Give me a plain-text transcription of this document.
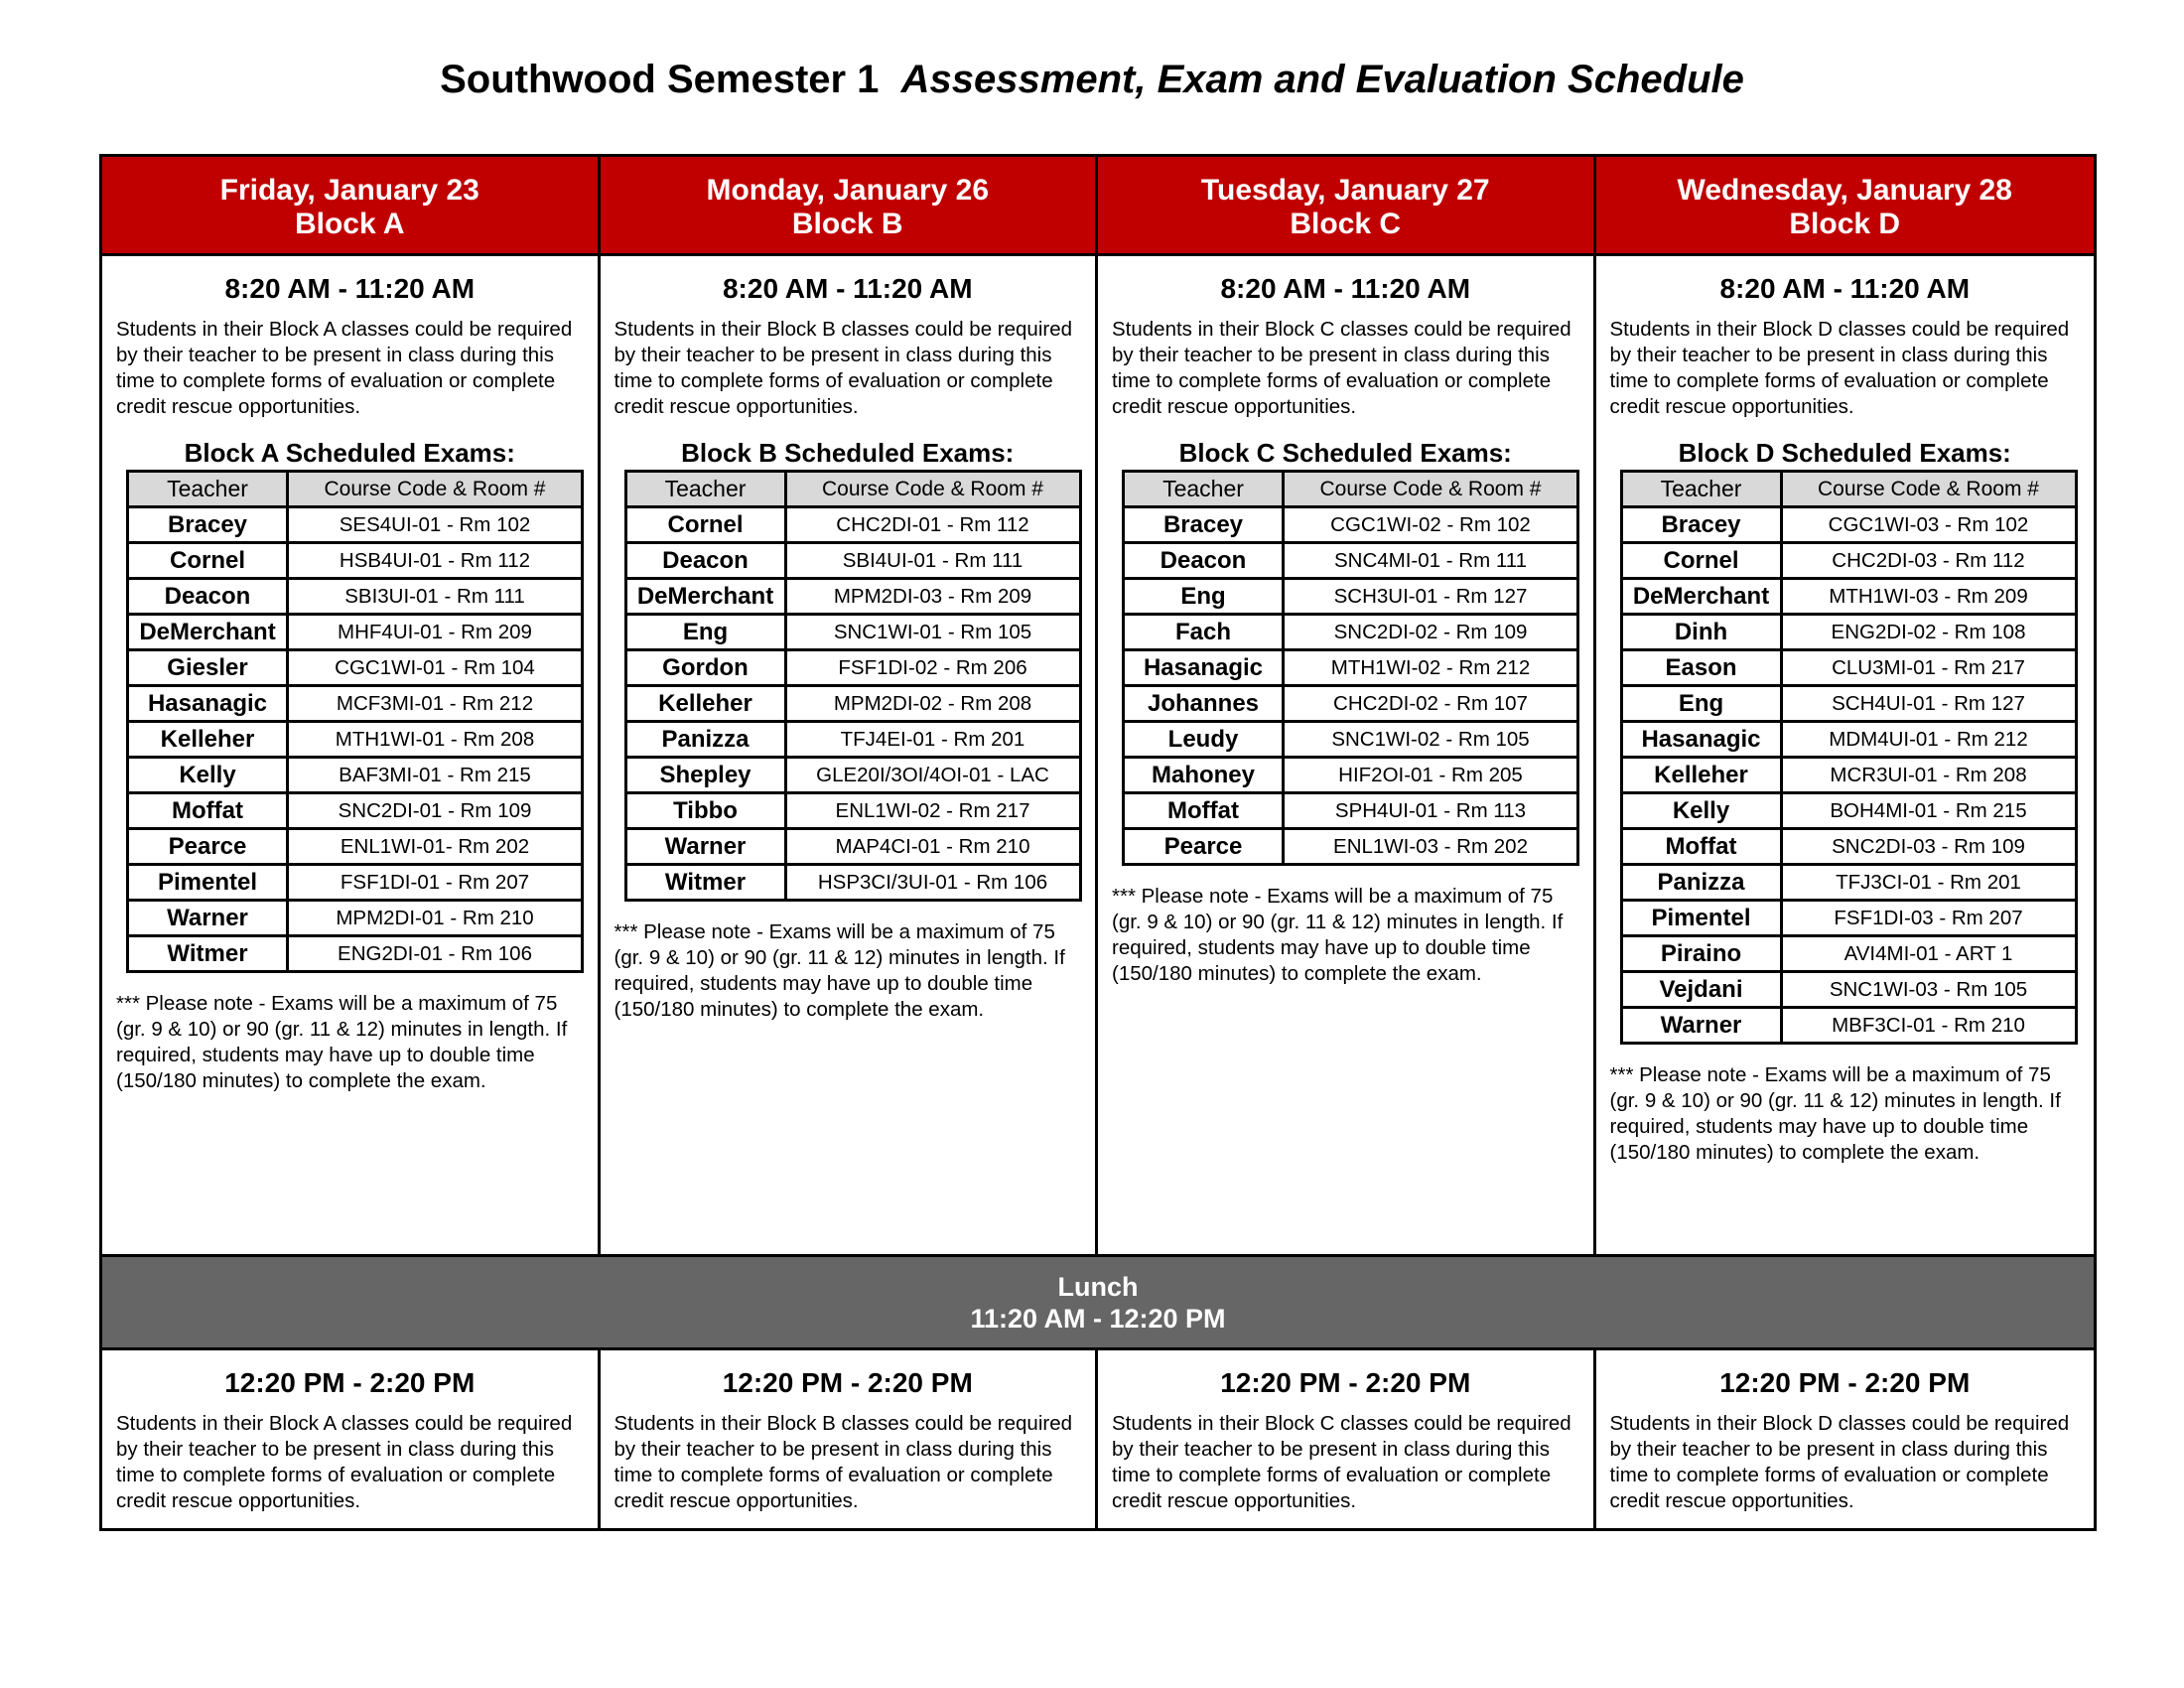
Southwood Semester 1 Assessment, Exam and Evaluation Schedule
Friday, January 23
Block A
Monday, January 26
Block B
Tuesday, January 27
Block C
Wednesday, January 28
Block D
8:20 AM - 11:20 AM
Students in their Block A classes could be required by their teacher to be present in class during this time to complete forms of evaluation or complete credit rescue opportunities.
Block A Scheduled Exams:
Teacher	Course Code & Room #
Bracey	SES4UI-01 - Rm 102
Cornel	HSB4UI-01 - Rm 112
Deacon	SBI3UI-01 - Rm 111
DeMerchant	MHF4UI-01 - Rm 209
Giesler	CGC1WI-01 - Rm 104
Hasanagic	MCF3MI-01 - Rm 212
Kelleher	MTH1WI-01 - Rm 208
Kelly	BAF3MI-01 - Rm 215
Moffat	SNC2DI-01 - Rm 109
Pearce	ENL1WI-01- Rm 202
Pimentel	FSF1DI-01 - Rm 207
Warner	MPM2DI-01 - Rm 210
Witmer	ENG2DI-01 - Rm 106
*** Please note - Exams will be a maximum of 75 (gr. 9 & 10) or 90 (gr. 11 & 12) minutes in length. If required, students may have up to double time (150/180 minutes) to complete the exam.
8:20 AM - 11:20 AM
Students in their Block B classes could be required by their teacher to be present in class during this time to complete forms of evaluation or complete credit rescue opportunities.
Block B Scheduled Exams:
Teacher	Course Code & Room #
Cornel	CHC2DI-01 - Rm 112
Deacon	SBI4UI-01 - Rm 111
DeMerchant	MPM2DI-03 - Rm 209
Eng	SNC1WI-01 - Rm 105
Gordon	FSF1DI-02 - Rm 206
Kelleher	MPM2DI-02 - Rm 208
Panizza	TFJ4EI-01 - Rm 201
Shepley	GLE20I/3OI/4OI-01 - LAC
Tibbo	ENL1WI-02 - Rm 217
Warner	MAP4CI-01 - Rm 210
Witmer	HSP3CI/3UI-01 - Rm 106
*** Please note - Exams will be a maximum of 75 (gr. 9 & 10) or 90 (gr. 11 & 12) minutes in length. If required, students may have up to double time (150/180 minutes) to complete the exam.
8:20 AM - 11:20 AM
Students in their Block C classes could be required by their teacher to be present in class during this time to complete forms of evaluation or complete credit rescue opportunities.
Block C Scheduled Exams:
Teacher	Course Code & Room #
Bracey	CGC1WI-02 - Rm 102
Deacon	SNC4MI-01 - Rm 111
Eng	SCH3UI-01 - Rm 127
Fach	SNC2DI-02 - Rm 109
Hasanagic	MTH1WI-02 - Rm 212
Johannes	CHC2DI-02 - Rm 107
Leudy	SNC1WI-02 - Rm 105
Mahoney	HIF2OI-01 - Rm 205
Moffat	SPH4UI-01 - Rm 113
Pearce	ENL1WI-03 - Rm 202
*** Please note - Exams will be a maximum of 75 (gr. 9 & 10) or 90 (gr. 11 & 12) minutes in length. If required, students may have up to double time (150/180 minutes) to complete the exam.
8:20 AM - 11:20 AM
Students in their Block D classes could be required by their teacher to be present in class during this time to complete forms of evaluation or complete credit rescue opportunities.
Block D Scheduled Exams:
Teacher	Course Code & Room #
Bracey	CGC1WI-03 - Rm 102
Cornel	CHC2DI-03 - Rm 112
DeMerchant	MTH1WI-03 - Rm 209
Dinh	ENG2DI-02 - Rm 108
Eason	CLU3MI-01 - Rm 217
Eng	SCH4UI-01 - Rm 127
Hasanagic	MDM4UI-01 - Rm 212
Kelleher	MCR3UI-01 - Rm 208
Kelly	BOH4MI-01 - Rm 215
Moffat	SNC2DI-03 - Rm 109
Panizza	TFJ3CI-01 - Rm 201
Pimentel	FSF1DI-03 - Rm 207
Piraino	AVI4MI-01 - ART 1
Vejdani	SNC1WI-03 - Rm 105
Warner	MBF3CI-01 - Rm 210
*** Please note - Exams will be a maximum of 75 (gr. 9 & 10) or 90 (gr. 11 & 12) minutes in length. If required, students may have up to double time (150/180 minutes) to complete the exam.
Lunch
11:20 AM - 12:20 PM
12:20 PM - 2:20 PM
Students in their Block A classes could be required by their teacher to be present in class during this time to complete forms of evaluation or complete credit rescue opportunities.
12:20 PM - 2:20 PM
Students in their Block B classes could be required by their teacher to be present in class during this time to complete forms of evaluation or complete credit rescue opportunities.
12:20 PM - 2:20 PM
Students in their Block C classes could be required by their teacher to be present in class during this time to complete forms of evaluation or complete credit rescue opportunities.
12:20 PM - 2:20 PM
Students in their Block D classes could be required by their teacher to be present in class during this time to complete forms of evaluation or complete credit rescue opportunities.
